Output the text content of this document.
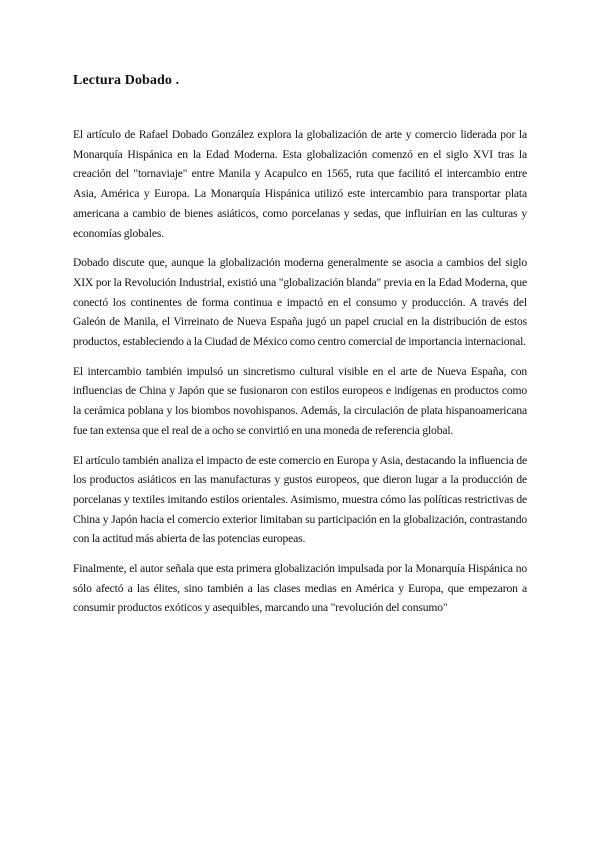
Lectura Dobado .

El artículo de Rafael Dobado González explora la globalización de arte y comercio liderada por la Monarquía Hispánica en la Edad Moderna. Esta globalización comenzó en el siglo XVI tras la creación del "tornaviaje" entre Manila y Acapulco en 1565, ruta que facilitó el intercambio entre Asia, América y Europa. La Monarquía Hispánica utilizó este intercambio para transportar plata americana a cambio de bienes asiáticos, como porcelanas y sedas, que influirían en las culturas y economías globales.

Dobado discute que, aunque la globalización moderna generalmente se asocia a cambios del siglo XIX por la Revolución Industrial, existió una "globalización blanda" previa en la Edad Moderna, que conectó los continentes de forma continua e impactó en el consumo y producción. A través del Galeón de Manila, el Virreinato de Nueva España jugó un papel crucial en la distribución de estos productos, estableciendo a la Ciudad de México como centro comercial de importancia internacional.

El intercambio también impulsó un sincretismo cultural visible en el arte de Nueva España, con influencias de China y Japón que se fusionaron con estilos europeos e indígenas en productos como la cerámica poblana y los biombos novohispanos. Además, la circulación de plata hispanoamericana fue tan extensa que el real de a ocho se convirtió en una moneda de referencia global.

El artículo también analiza el impacto de este comercio en Europa y Asia, destacando la influencia de los productos asiáticos en las manufacturas y gustos europeos, que dieron lugar a la producción de porcelanas y textiles imitando estilos orientales. Asimismo, muestra cómo las políticas restrictivas de China y Japón hacia el comercio exterior limitaban su participación en la globalización, contrastando con la actitud más abierta de las potencias europeas.

Finalmente, el autor señala que esta primera globalización impulsada por la Monarquía Hispánica no sólo afectó a las élites, sino también a las clases medias en América y Europa, que empezaron a consumir productos exóticos y asequibles, marcando una "revolución del consumo"
